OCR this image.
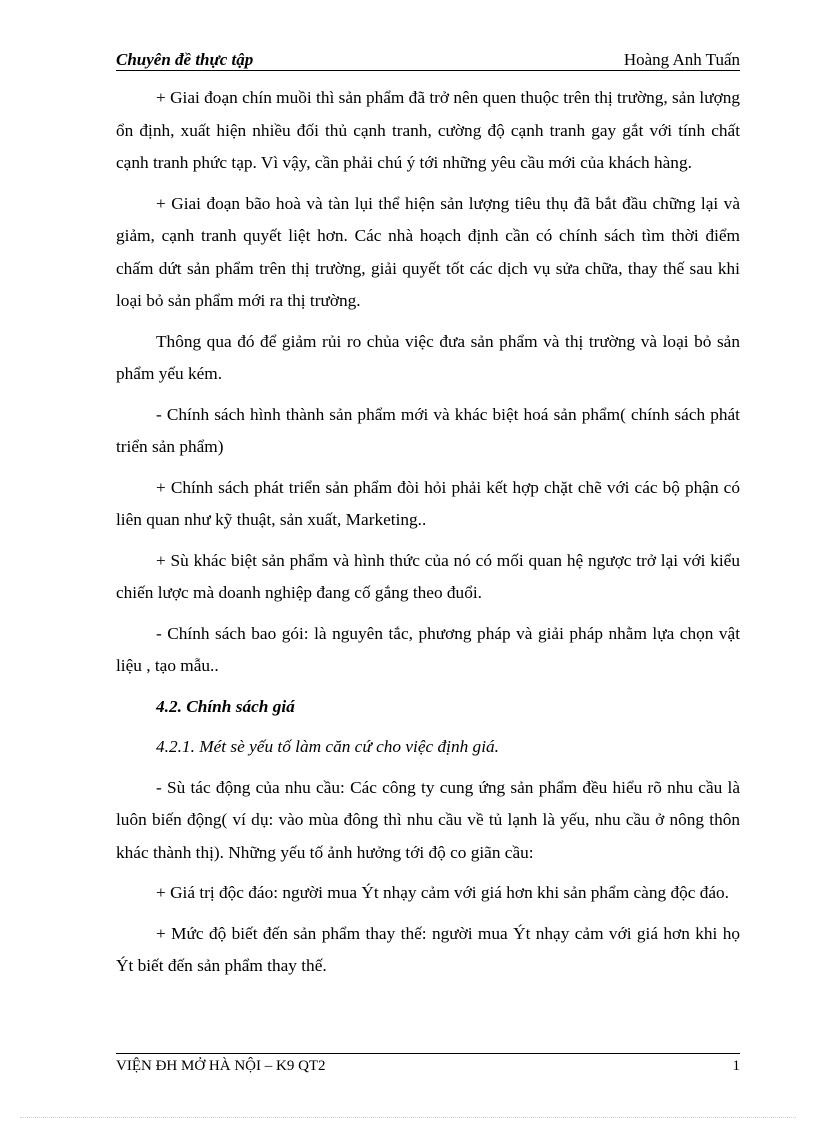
Chuyên đề thực tập	Hoàng Anh Tuấn

+ Giai đoạn chín muồi thì sản phẩm đã trở nên quen thuộc trên thị trường, sản lượng ổn định, xuất hiện nhiều đối thủ cạnh tranh, cường độ cạnh tranh gay gắt với tính chất cạnh tranh phức tạp. Vì vậy, cần phải chú ý tới những yêu cầu mới của khách hàng.

+ Giai đoạn bão hoà và tàn lụi thể hiện sản lượng tiêu thụ đã bắt đầu chững lại và giảm, cạnh tranh quyết liệt hơn. Các nhà hoạch định cần có chính sách tìm thời điểm chấm dứt sản phẩm trên thị trường, giải quyết tốt các dịch vụ sửa chữa, thay thế sau khi loại bỏ sản phẩm mới ra thị trường.

Thông qua đó để giảm rủi ro chủa việc đưa sản phẩm và thị trường và loại bỏ sản phẩm yếu kém.

- Chính sách hình thành sản phẩm mới và khác biệt hoá sản phẩm( chính sách phát triển sản phẩm)

+ Chính sách phát triển sản phẩm đòi hỏi phải kết hợp chặt chẽ với các bộ phận có liên quan như kỹ thuật, sản xuất, Marketing..

+ Sù khác biệt sản phẩm và hình thức của nó có mối quan hệ ngược trở lại với kiểu chiến lược mà doanh nghiệp đang cố gắng theo đuổi.

- Chính sách bao gói: là nguyên tắc, phương pháp và giải pháp nhằm lựa chọn vật liệu , tạo mẫu..

4.2. Chính sách giá

4.2.1. Mét sè yếu tố làm căn cứ cho việc định giá.

- Sù tác động của nhu cầu: Các công ty cung ứng sản phẩm đều hiểu rõ nhu cầu là luôn biến động( ví dụ: vào mùa đông thì nhu cầu về tủ lạnh là yếu, nhu cầu ở nông thôn khác thành thị). Những yếu tố ảnh hưởng tới độ co giãn cầu:

+ Giá trị độc đáo: người mua Ýt nhạy cảm với giá hơn khi sản phẩm càng độc đáo.

+ Mức độ biết đến sản phẩm thay thế: người mua Ýt nhạy cảm với giá hơn khi họ Ýt biết đến sản phẩm thay thế.

VIỆN ĐH MỞ HÀ NỘI – K9 QT2	1
